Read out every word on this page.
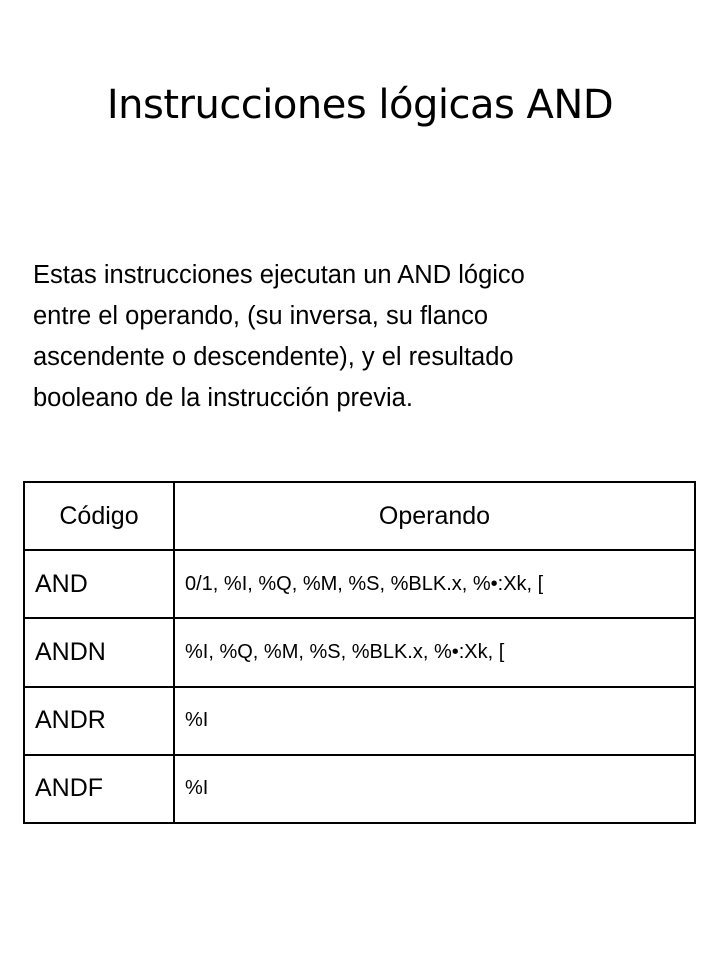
Instrucciones lógicas AND

Estas instrucciones ejecutan un AND lógico
entre el operando, (su inversa, su flanco
ascendente o descendente), y el resultado
booleano de la instrucción previa.

Código	Operando
AND	0/1, %I, %Q, %M, %S, %BLK.x, %•:Xk, [
ANDN	%I, %Q, %M, %S, %BLK.x, %•:Xk, [
ANDR	%I
ANDF	%I
